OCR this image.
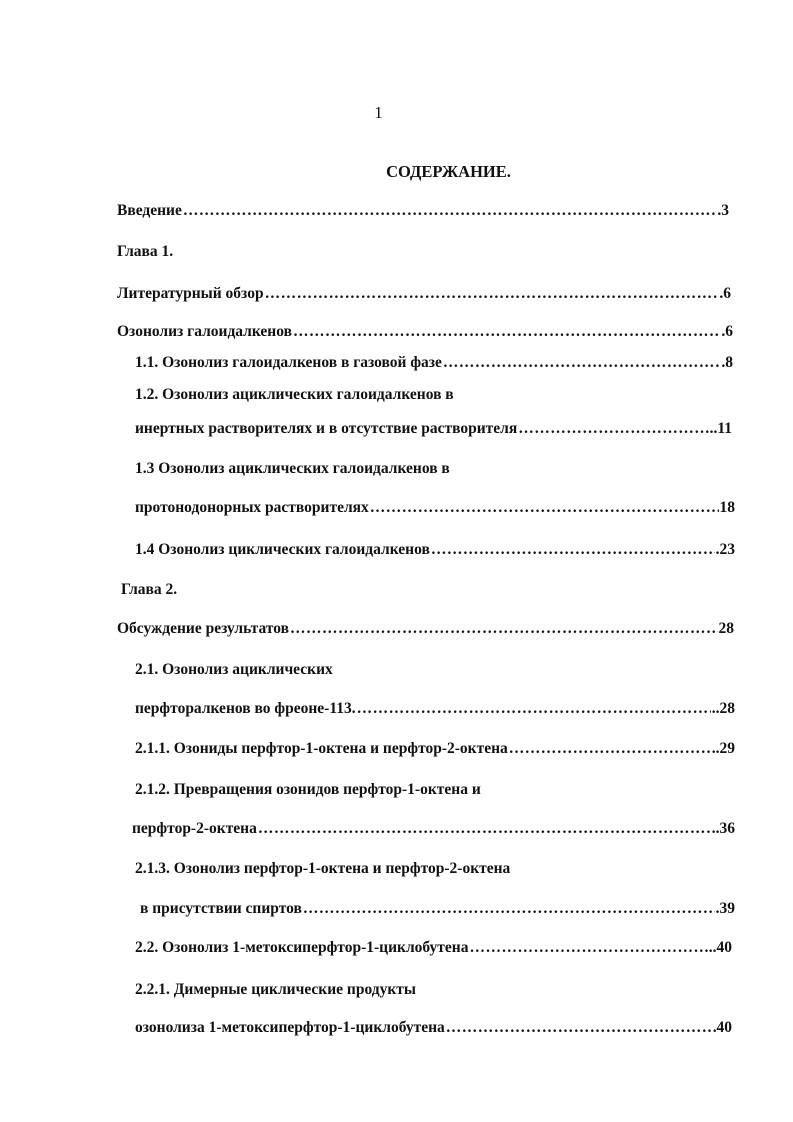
1
СОДЕРЖАНИЕ.
Введение …………………………………………………………………………………………………………………………………………………………………………………………	.3
Глава 1.
Литературный обзор …………………………………………………………………………………………………………………………………………………………………………………………	.6
Озонолиз галоидалкенов …………………………………………………………………………………………………………………………………………………………………………………………	.6
1.1. Озонолиз галоидалкенов в газовой фазе …………………………………………………………………………………………………………………………………………………………………………………………	.8
1.2. Озонолиз ациклических галоидалкенов в
инертных растворителях и в отсутствие растворителя …………………………………………………………………………………………………………………………………………………………………………………………	..11
1.3 Озонолиз ациклических галоидалкенов в
протонодонорных растворителях …………………………………………………………………………………………………………………………………………………………………………………………	18
1.4 Озонолиз циклических галоидалкенов …………………………………………………………………………………………………………………………………………………………………………………………	.23
Глава 2.
Обсуждение результатов …………………………………………………………………………………………………………………………………………………………………………………………	28
2.1. Озонолиз ациклических
перфторалкенов во фреоне-113. …………………………………………………………………………………………………………………………………………………………………………………………	..28
2.1.1. Озониды перфтор-1-октена и перфтор-2-октена …………………………………………………………………………………………………………………………………………………………………………………………	.29
2.1.2. Превращения озонидов перфтор-1-октена и
перфтор-2-октена …………………………………………………………………………………………………………………………………………………………………………………………	.36
2.1.3. Озонолиз перфтор-1-октена и перфтор-2-октена
в присутствии спиртов …………………………………………………………………………………………………………………………………………………………………………………………	.39
2.2. Озонолиз 1-метоксиперфтор-1-циклобутена …………………………………………………………………………………………………………………………………………………………………………………………	..40
2.2.1. Димерные циклические продукты
озонолиза 1-метоксиперфтор-1-циклобутена …………………………………………………………………………………………………………………………………………………………………………………………	40
